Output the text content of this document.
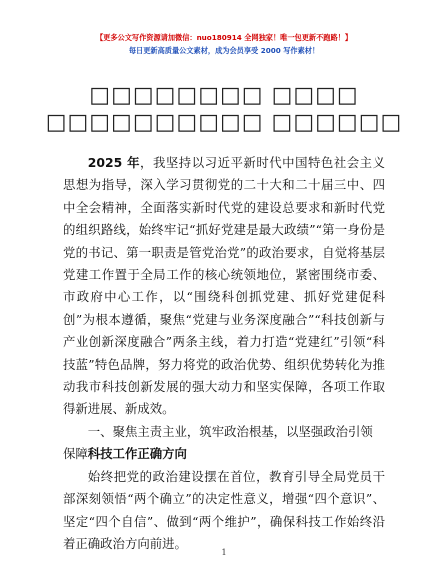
【更多公文写作资源请加微信：nuo180914 全网独家！唯一包更新不跑路！】
每日更新高质量公文素材，成为会员享受 2000 写作素材！
□□□□□□□□ □□□□ □□□□□□□□□□ □□□□□□

2025 年，我坚持以习近平新时代中国特色社会主义思想为指导，深入学习贯彻党的二十大和二十届三中、四中全会精神，全面落实新时代党的建设总要求和新时代党的组织路线，始终牢记“抓好党建是最大政绩”“第一身份是党的书记、第一职责是管党治党”的政治要求，自觉将基层党建工作置于全局工作的核心统领地位，紧密围绕市委、市政府中心工作，以“围绕科创抓党建、抓好党建促科创”为根本遵循，聚焦“党建与业务深度融合”“科技创新与产业创新深度融合”两条主线，着力打造“党建红”引领“科技蓝”特色品牌，努力将党的政治优势、组织优势转化为推动我市科技创新发展的强大动力和坚实保障，各项工作取得新进展、新成效。

一、聚焦主责主业，筑牢政治根基，以坚强政治引领保障科技工作正确方向

始终把党的政治建设摆在首位，教育引导全局党员干部深刻领悟“两个确立”的决定性意义，增强“四个意识”、坚定“四个自信”、做到“两个维护”，确保科技工作始终沿着正确政治方向前进。

1
